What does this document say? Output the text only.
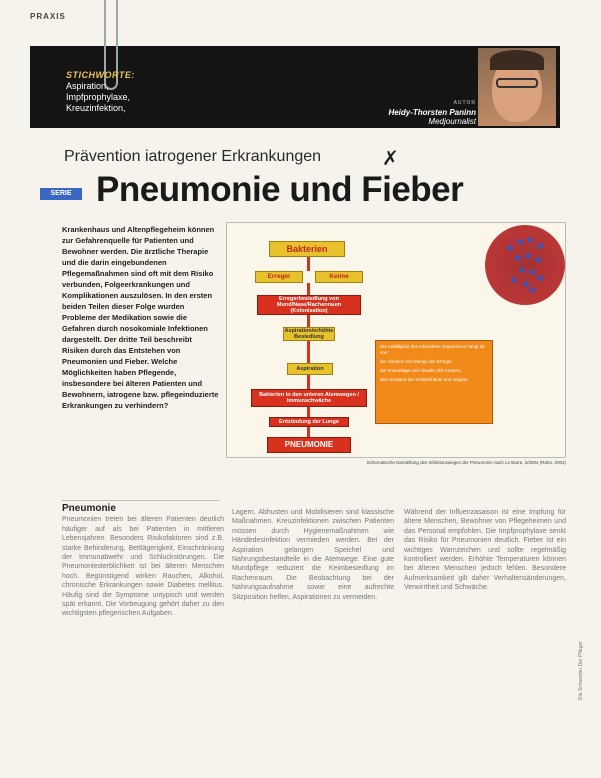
PRAXIS
STICHWORTE:
Aspiration,
Impfprophylaxe,
Kreuzinfektion,	AUTOR
Heidy-Thorsten Paninn
Medjournalist
Prävention iatrogener Erkrankungen	✗
SERIE Pneumonie und Fieber
Krankenhaus und Altenpflegeheim können zur Gefahrenquelle für Patienten und Bewohner werden. Die ärztliche Therapie und die darin eingebundenen Pflegemaßnahmen sind oft mit dem Risiko verbunden, Folgeerkrankungen und Komplikationen auszulösen. In den ersten beiden Teilen dieser Folge wurden Probleme der Medikation sowie die Gefahren durch nosokomiale Infektionen dargestellt. Der dritte Teil beschreibt Risiken durch das Entstehen von Pneumonien und Fieber. Welche Möglichkeiten haben Pflegende, insbesondere bei älteren Patienten und Bewohnern, iatrogene bzw. pflegeinduzierte Erkrankungen zu verhindern?
Bakterien
Erreger	Keime
Erregerbesiedlung von Mund/Nase/Rachenraum (Kolonisation)
Aspiration/erhöhte Besiedlung
Aspiration
Bakterien in den unteren Atemwegen / Immunschwäche
Entzündung der Lunge
PNEUMONIE
Die Anfälligkeit des erkrankten Organismus hängt ab von:
der Virulenz und Menge der Erreger,
der Immunlage und Abwehr des Körpers,
dem Zustand der Schleimhäute und Organe.
Schematische Darstellung des Infektionsweges der Pneumonie nach Le Barre, 2/2004 (Rahn, 2004)
Pneumonie
Pneumonien treten bei älteren Patienten deutlich häufiger auf als bei Patienten in mittleren Lebensjahren. Besonders Risikofaktoren sind z.B. starke Behinderung, Bettlägerigkeit, Einschränkung der Immunabwehr und Schluckstörungen. Die Pneumoniesterblichkeit ist bei älteren Menschen hoch. Begünstigend wirken Rauchen, Alkohol, chronische Erkrankungen sowie Diabetes mellitus. Häufig sind die Symptome untypisch und werden spät erkannt. Die Vorbeugung gehört daher zu den wichtigsten pflegerischen Aufgaben.
Lagern, Abhusten und Mobilisieren sind klassische Maßnahmen. Kreuzinfektionen zwischen Patienten müssen durch Hygienemaßnahmen wie Händedesinfektion vermieden werden. Bei der Aspiration gelangen Speichel und Nahrungsbestandteile in die Atemwege. Eine gute Mundpflege reduziert die Keimbesiedlung im Rachenraum. Die Beobachtung bei der Nahrungsaufnahme sowie eine aufrechte Sitzposition helfen, Aspirationen zu vermeiden.
Während der Influenzasaison ist eine Impfung für ältere Menschen, Bewohner von Pflegeheimen und das Personal empfohlen. Die Impfprophylaxe senkt das Risiko für Pneumonien deutlich. Fieber ist ein wichtiges Warnzeichen und sollte regelmäßig kontrolliert werden. Erhöhte Temperaturen können bei älteren Menschen jedoch fehlen. Besondere Aufmerksamkeit gilt daher Verhaltensänderungen, Verwirrtheit und Schwäche.
Die Schwester Der Pfleger
